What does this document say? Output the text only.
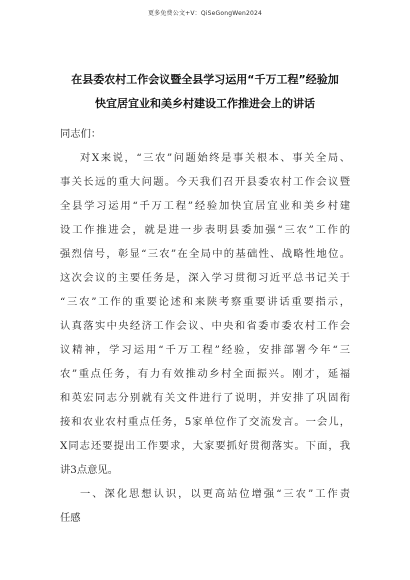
更多免费公文+V：QiSeGongWen2024
在县委农村工作会议暨全县学习运用“千万工程”经验加
快宜居宜业和美乡村建设工作推进会上的讲话
同志们：
对X来说，“三农”问题始终是事关根本、事关全局、
事关长远的重大问题。今天我们召开县委农村工作会议暨
全县学习运用“千万工程”经验加快宜居宜业和美乡村建
设工作推进会，就是进一步表明县委加强“三农”工作的
强烈信号，彰显“三农”在全局中的基础性、战略性地位。
这次会议的主要任务是，深入学习贯彻习近平总书记关于
“三农”工作的重要论述和来陕考察重要讲话重要指示，
认真落实中央经济工作会议、中央和省委市委农村工作会
议精神，学习运用“千万工程”经验，安排部署今年“三
农”重点任务，有力有效推动乡村全面振兴。刚才，延福
和英宏同志分别就有关文件进行了说明，并安排了巩固衔
接和农业农村重点任务，5家单位作了交流发言。一会儿，
X同志还要提出工作要求，大家要抓好贯彻落实。下面，我
讲3点意见。
一、深化思想认识，以更高站位增强“三农”工作责
任感
